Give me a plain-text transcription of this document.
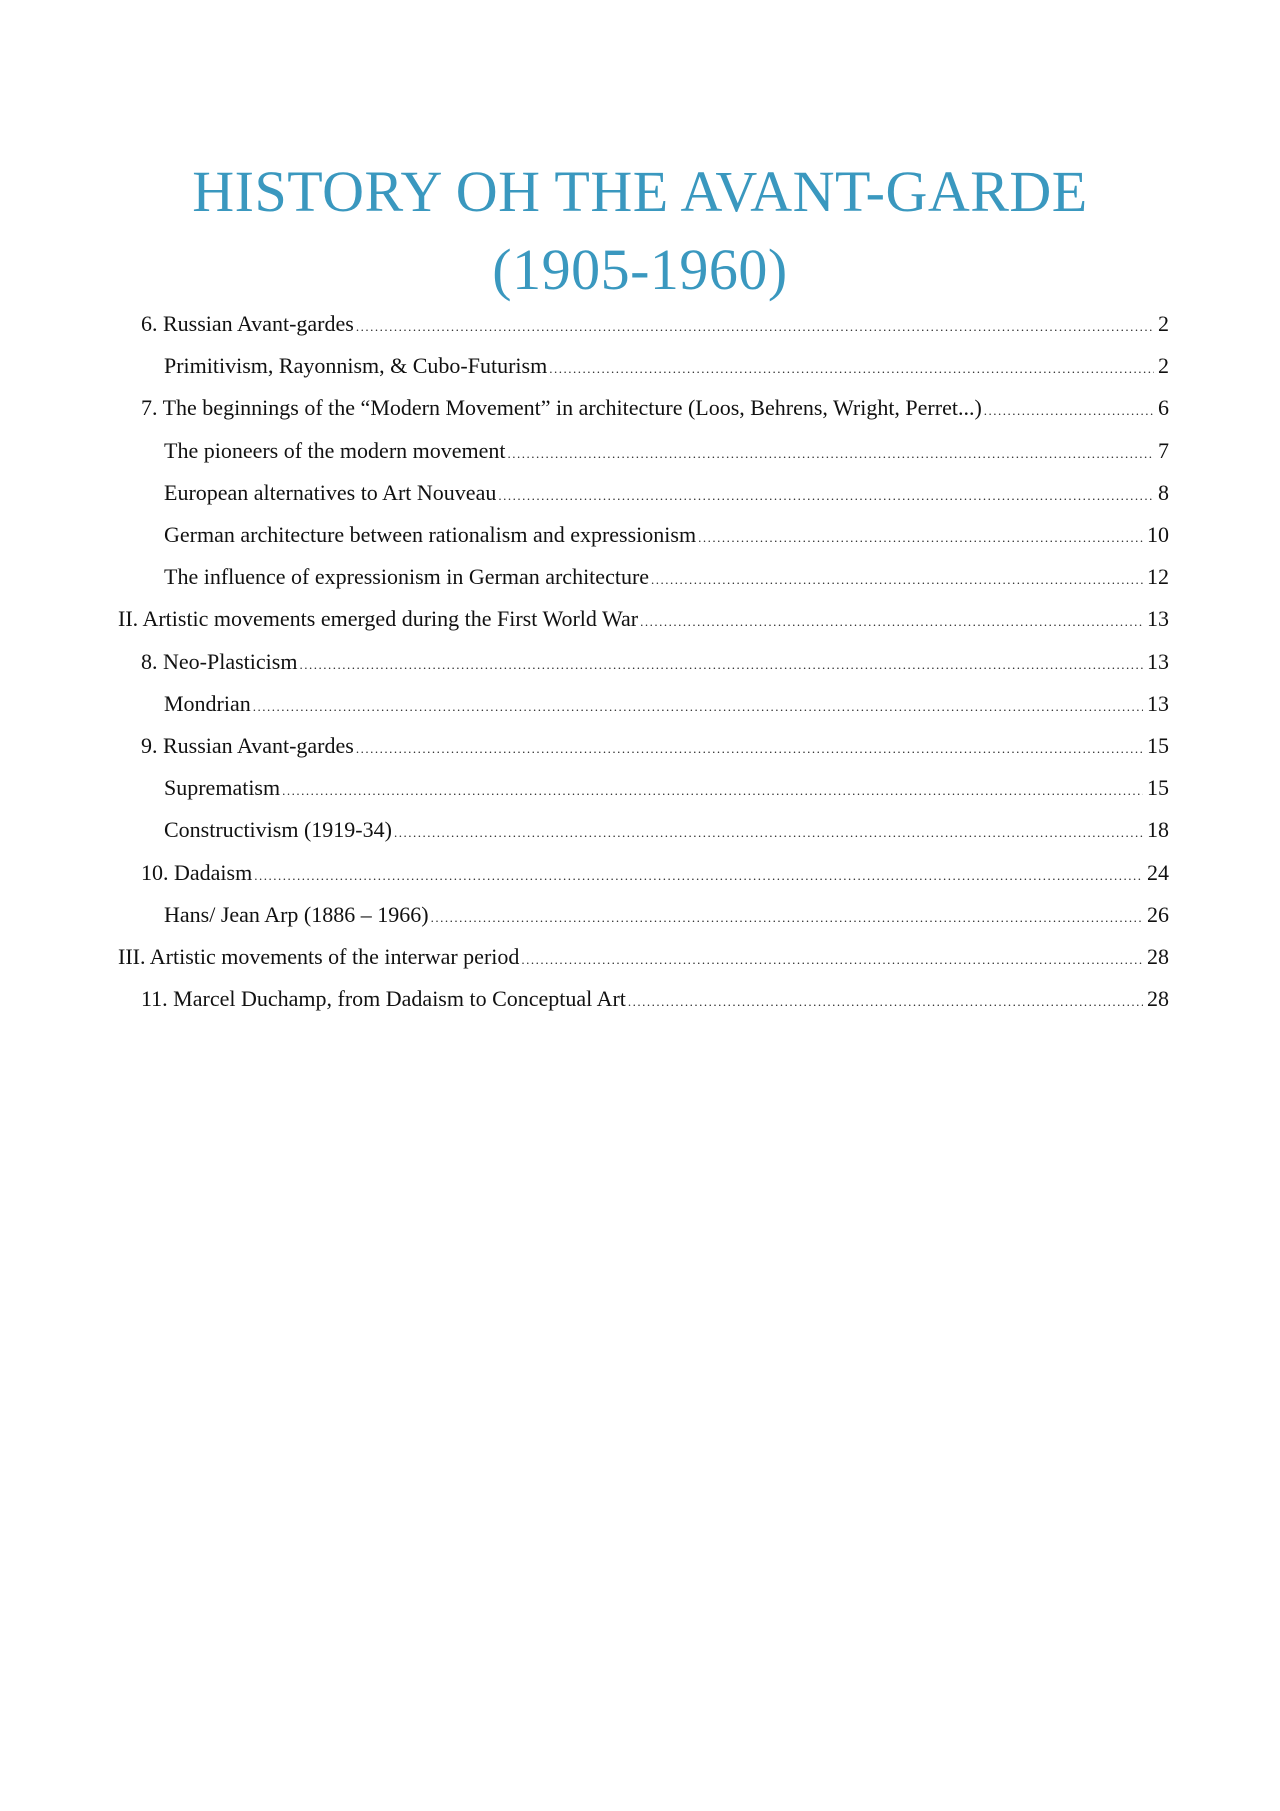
HISTORY OH THE AVANT-GARDE
(1905-1960)
6. Russian Avant-gardes .....	2
Primitivism, Rayonnism, & Cubo-Futurism .....	2
7. The beginnings of the “Modern Movement” in architecture (Loos, Behrens, Wright, Perret...) .....	6
The pioneers of the modern movement .....	7
European alternatives to Art Nouveau .....	8
German architecture between rationalism and expressionism .....	10
The influence of expressionism in German architecture .....	12
II. Artistic movements emerged during the First World War .....	13
8. Neo-Plasticism .....	13
Mondrian .....	13
9. Russian Avant-gardes .....	15
Suprematism .....	15
Constructivism (1919-34) .....	18
10. Dadaism .....	24
Hans/ Jean Arp (1886 – 1966) .....	26
III. Artistic movements of the interwar period .....	28
11. Marcel Duchamp, from Dadaism to Conceptual Art .....	28
